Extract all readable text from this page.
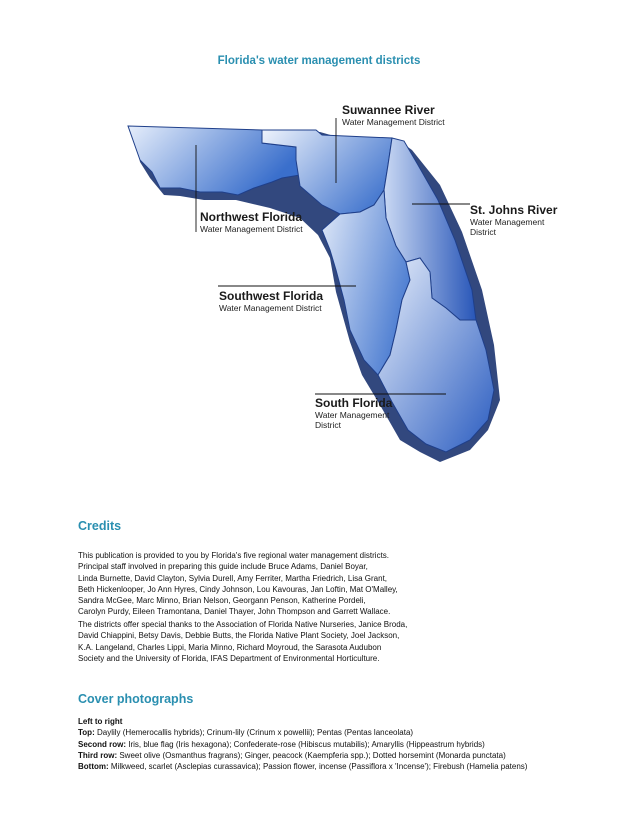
Florida's water management districts
Suwannee River
Water Management District
Northwest Florida
Water Management District
St. Johns River
Water Management
District
Southwest Florida
Water Management District
South Florida
Water Management
District
Credits
This publication is provided to you by Florida's five regional water management districts.
Principal staff involved in preparing this guide include Bruce Adams, Daniel Boyar,
Linda Burnette, David Clayton, Sylvia Durell, Amy Ferriter, Martha Friedrich, Lisa Grant,
Beth Hickenlooper, Jo Ann Hyres, Cindy Johnson, Lou Kavouras, Jan Loftin, Mat O'Malley,
Sandra McGee, Marc Minno, Brian Nelson, Georgann Penson, Katherine Pordeli,
Carolyn Purdy, Eileen Tramontana, Daniel Thayer, John Thompson and Garrett Wallace.
The districts offer special thanks to the Association of Florida Native Nurseries, Janice Broda,
David Chiappini, Betsy Davis, Debbie Butts, the Florida Native Plant Society, Joel Jackson,
K.A. Langeland, Charles Lippi, Maria Minno, Richard Moyroud, the Sarasota Audubon
Society and the University of Florida, IFAS Department of Environmental Horticulture.
Cover photographs
Left to right
Top: Daylily (Hemerocallis hybrids); Crinum-lily (Crinum x powellii); Pentas (Pentas lanceolata)
Second row: Iris, blue flag (Iris hexagona); Confederate-rose (Hibiscus mutabilis); Amaryllis (Hippeastrum hybrids)
Third row: Sweet olive (Osmanthus fragrans); Ginger, peacock (Kaempferia spp.); Dotted horsemint (Monarda punctata)
Bottom: Milkweed, scarlet (Asclepias curassavica); Passion flower, incense (Passiflora x 'Incense'); Firebush (Hamelia patens)
